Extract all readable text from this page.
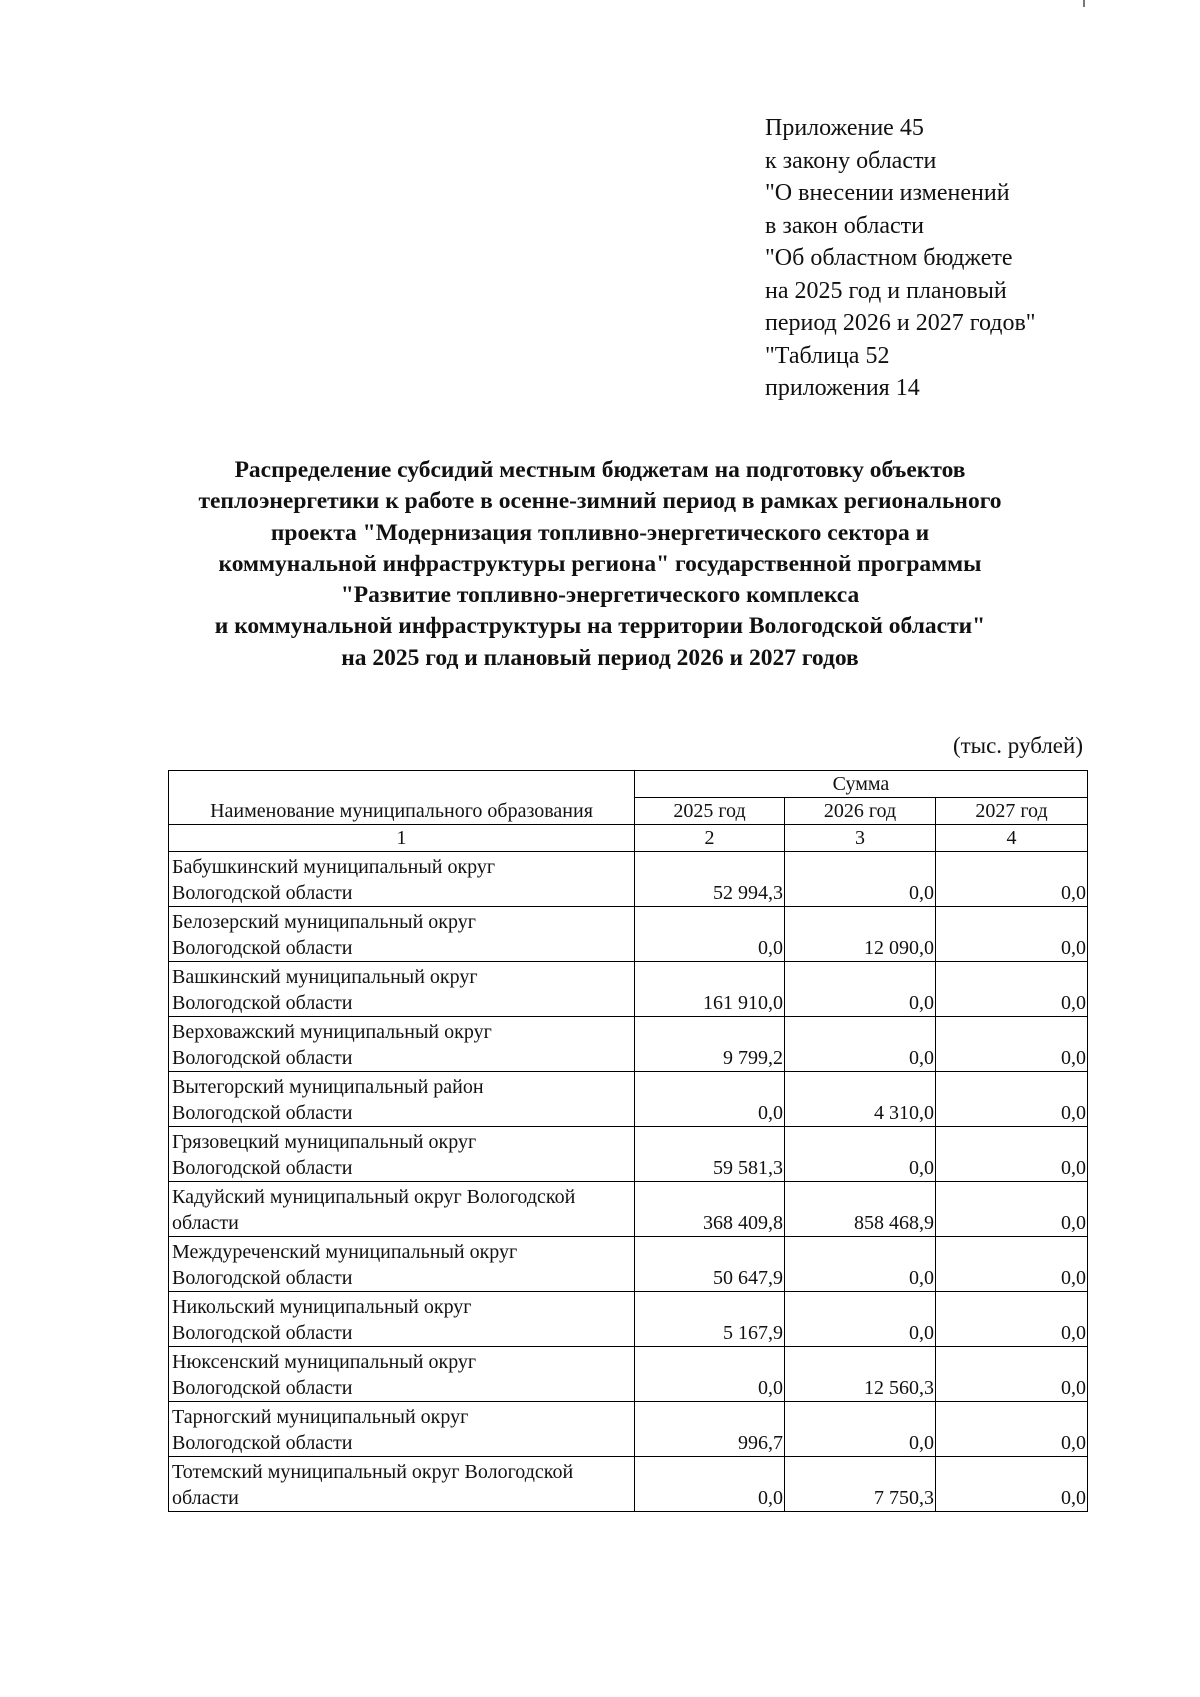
Приложение 45
к закону области
"О внесении изменений
в закон области
"Об областном бюджете
на 2025 год и плановый
период 2026 и 2027 годов"
"Таблица 52
приложения 14
Распределение субсидий местным бюджетам на подготовку объектов
теплоэнергетики к работе в осенне-зимний период в рамках регионального
проекта "Модернизация топливно-энергетического сектора и
коммунальной инфраструктуры региона" государственной программы
"Развитие топливно-энергетического комплекса
и коммунальной инфраструктуры на территории Вологодской области"
на 2025 год и плановый период 2026 и 2027 годов
(тыс. рублей)
Наименование муниципального образования	Сумма		
	2025 год	2026 год	2027 год
1	2	3	4

Бабушкинский муниципальный округ
Вологодской области	52 994,3	0,0	0,0

Белозерский муниципальный округ
Вологодской области	0,0	12 090,0	0,0

Вашкинский муниципальный округ
Вологодской области	161 910,0	0,0	0,0

Верховажский муниципальный округ
Вологодской области	9 799,2	0,0	0,0

Вытегорский муниципальный район
Вологодской области	0,0	4 310,0	0,0

Грязовецкий муниципальный округ
Вологодской области	59 581,3	0,0	0,0

Кадуйский муниципальный округ Вологодской
области	368 409,8	858 468,9	0,0

Междуреченский муниципальный округ
Вологодской области	50 647,9	0,0	0,0

Никольский муниципальный округ
Вологодской области	5 167,9	0,0	0,0

Нюксенский муниципальный округ
Вологодской области	0,0	12 560,3	0,0

Тарногский муниципальный округ
Вологодской области	996,7	0,0	0,0

Тотемский муниципальный округ Вологодской
области	0,0	7 750,3	0,0
